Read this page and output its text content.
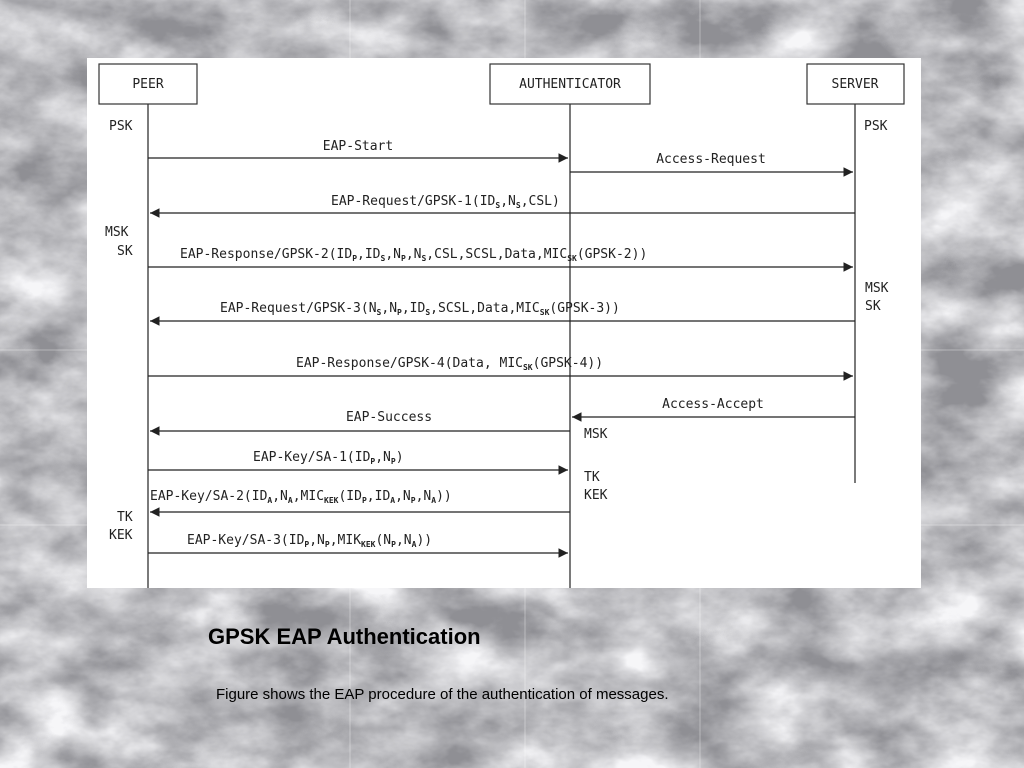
PEER	AUTHENTICATOR	SERVER
PSK	PSK
MSK
SK
MSK
SK
MSK
TK
KEK
TK
KEK
EAP-Start
Access-Request
EAP-$Request/GPSK-1(ID_S,N_S,CSL)$
EAP-$Response/GPSK-2(ID_P,ID_S,N_P,N_S,CSL,SCSL,Data,MIC_{SK}(GPSK-2))$
EAP-$Request/GPSK-3(N_S,N_P,ID_S,SCSL,Data,MIC_{SK}(GPSK-3))$
EAP-Response/GPSK-4(Data, $MIC_{SK}(GPSK-4)$)
Access-Accept
EAP-Success
EAP-$Key/SA-1(ID_P,N_P)$
EAP-$Key/SA-2(ID_A,N_A,MIC_{KEK}(ID_P,ID_A,N_P,N_A))$
EAP-$Key/SA-3(ID_P,N_P,MIK_{KEK}(N_P,N_A))$
GPSK EAP Authentication
Figure shows the EAP procedure of the authentication of messages.
